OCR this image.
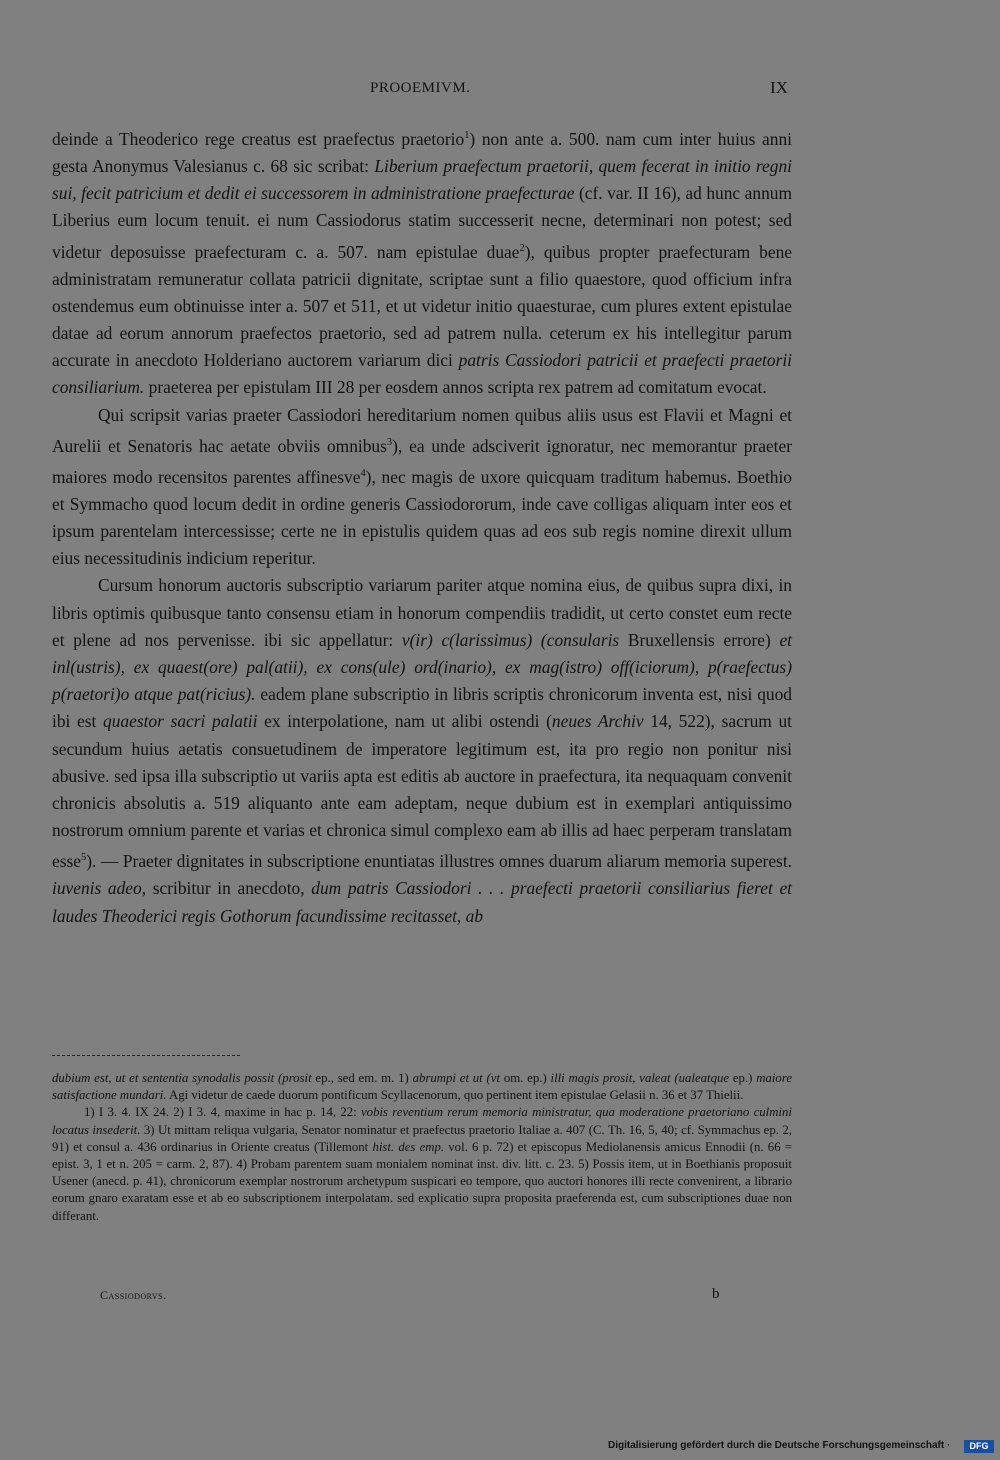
PROOEMIVM.	IX

deinde a Theoderico rege creatus est praefectus praetorio$^1$) non ante a. 500. nam cum inter huius anni gesta Anonymus Valesianus c. 68 sic scribat: Liberium praefectum praetorii, quem fecerat in initio regni sui, fecit patricium et dedit ei successorem in administratione praefecturae (cf. var. II 16), ad hunc annum Liberius eum locum tenuit. ei num Cassiodorus statim successerit necne, determinari non potest; sed videtur deposuisse praefecturam c. a. 507. nam epistulae duae$^2$), quibus propter praefecturam bene administratam remuneratur collata patricii dignitate, scriptae sunt a filio quaestore, quod officium infra ostendemus eum obtinuisse inter a. 507 et 511, et ut videtur initio quaesturae, cum plures extent epistulae datae ad eorum annorum praefectos praetorio, sed ad patrem nulla. ceterum ex his intellegitur parum accurate in anecdoto Holderiano auctorem variarum dici patris Cassiodori patricii et praefecti praetorii consiliarium. praeterea per epistulam III 28 per eosdem annos scripta rex patrem ad comitatum evocat.

Qui scripsit varias praeter Cassiodori hereditarium nomen quibus aliis usus est Flavii et Magni et Aurelii et Senatoris hac aetate obviis omnibus$^3$), ea unde adsciverit ignoratur, nec memorantur praeter maiores modo recensitos parentes affinesve$^4$), nec magis de uxore quicquam traditum habemus. Boethio et Symmacho quod locum dedit in ordine generis Cassiodororum, inde cave colligas aliquam inter eos et ipsum parentelam intercessisse; certe ne in epistulis quidem quas ad eos sub regis nomine direxit ullum eius necessitudinis indicium reperitur.

Cursum honorum auctoris subscriptio variarum pariter atque nomina eius, de quibus supra dixi, in libris optimis quibusque tanto consensu etiam in honorum compendiis tradidit, ut certo constet eum recte et plene ad nos pervenisse. ibi sic appellatur: v(ir) c(larissimus) (consularis Bruxellensis errore) et inl(ustris), ex quaest(ore) pal(atii), ex cons(ule) ord(inario), ex mag(istro) off(iciorum), p(raefectus) p(raetori)o atque pat(ricius). eadem plane subscriptio in libris scriptis chronicorum inventa est, nisi quod ibi est quaestor sacri palatii ex interpolatione, nam ut alibi ostendi (neues Archiv 14, 522), sacrum ut secundum huius aetatis consuetudinem de imperatore legitimum est, ita pro regio non ponitur nisi abusive. sed ipsa illa subscriptio ut variis apta est editis ab auctore in praefectura, ita nequaquam convenit chronicis absolutis a. 519 aliquanto ante eam adeptam, neque dubium est in exemplari antiquissimo nostrorum omnium parente et varias et chronica simul complexo eam ab illis ad haec perperam translatam esse$^5$). — Praeter dignitates in subscriptione enuntiatas illustres omnes duarum aliarum memoria superest. iuvenis adeo, scribitur in anecdoto, dum patris Cassiodori . . . praefecti praetorii consiliarius fieret et laudes Theoderici regis Gothorum facundissime recitasset, ab

dubium est, ut et sententia synodalis possit (prosit ep., sed em. m. 1) abrumpi et ut (vt om. ep.) illi magis prosit, valeat (ualeatque ep.) maiore satisfactione mundari. Agi videtur de caede duorum pontificum Scyllacenorum, quo pertinent item epistulae Gelasii n. 36 et 37 Thielii.

1) I 3. 4. IX 24. 2) I 3. 4, maxime in hac p. 14, 22: vobis reventium rerum memoria ministratur, qua moderatione praetoriano culmini locatus insederit. 3) Ut mittam reliqua vulgaria, Senator nominatur et praefectus praetorio Italiae a. 407 (C. Th. 16, 5, 40; cf. Symmachus ep. 2, 91) et consul a. 436 ordinarius in Oriente creatus (Tillemont hist. des emp. vol. 6 p. 72) et episcopus Mediolanensis amicus Ennodii (n. 66 = epist. 3, 1 et n. 205 = carm. 2, 87). 4) Probam parentem suam monialem nominat inst. div. litt. c. 23. 5) Possis item, ut in Boethianis proposuit Usener (anecd. p. 41), chronicorum exemplar nostrorum archetypum suspicari eo tempore, quo auctori honores illi recte convenirent, a librario eorum gnaro exaratam esse et ab eo subscriptionem interpolatam. sed explicatio supra proposita praeferenda est, cum subscriptiones duae non differant.

Cassiodorvs.	b
Digitalisierung gefördert durch die Deutsche Forschungsgemeinschaft ·	DFG
